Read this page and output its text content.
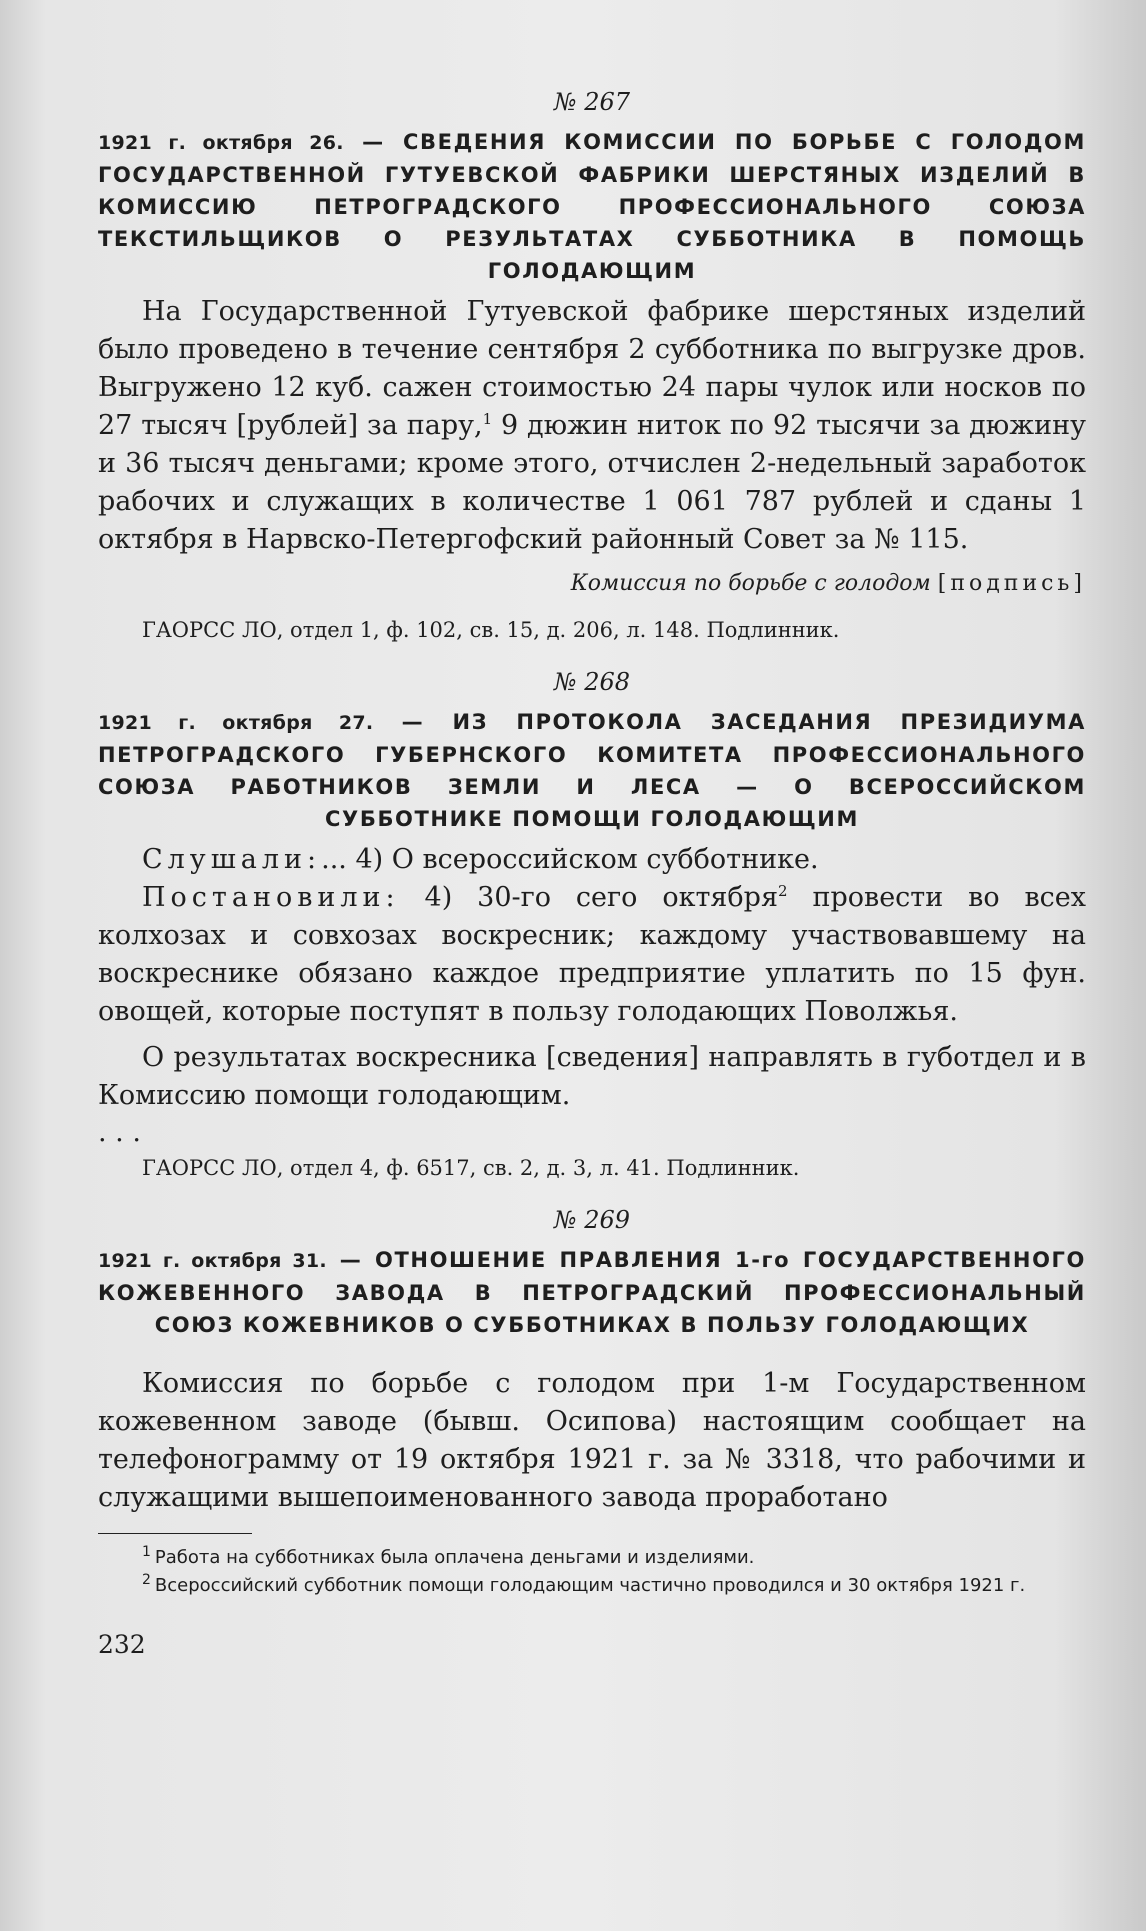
№ 267

1921 г. октября 26. — СВЕДЕНИЯ КОМИССИИ ПО БОРЬБЕ С ГОЛОДОМ ГОСУДАРСТВЕННОЙ ГУТУЕВСКОЙ ФАБРИКИ ШЕРСТЯНЫХ ИЗДЕЛИЙ В КОМИССИЮ ПЕТРОГРАДСКОГО ПРОФЕССИОНАЛЬНОГО СОЮЗА ТЕКСТИЛЬЩИКОВ О РЕЗУЛЬТАТАХ СУББОТНИКА В ПОМОЩЬ ГОЛОДАЮЩИМ

На Государственной Гутуевской фабрике шерстяных изделий было проведено в течение сентября 2 субботника по выгрузке дров. Выгружено 12 куб. сажен стоимостью 24 пары чулок или носков по 27 тысяч [рублей] за пару,$^1$ 9 дюжин ниток по 92 тысячи за дюжину и 36 тысяч деньгами; кроме этого, отчислен 2-недельный заработок рабочих и служащих в количестве 1 061 787 рублей и сданы 1 октября в Нарвско-Петергофский районный Совет за № 115.

Комиссия по борьбе с голодом [подпись]

ГАОРСС ЛО, отдел 1, ф. 102, св. 15, д. 206, л. 148. Подлинник.

№ 268

1921 г. октября 27. — ИЗ ПРОТОКОЛА ЗАСЕДАНИЯ ПРЕЗИДИУМА ПЕТРОГРАДСКОГО ГУБЕРНСКОГО КОМИТЕТА ПРОФЕССИОНАЛЬНОГО СОЮЗА РАБОТНИКОВ ЗЕМЛИ И ЛЕСА — О ВСЕРОССИЙСКОМ СУББОТНИКЕ ПОМОЩИ ГОЛОДАЮЩИМ

Слушали:... 4) О всероссийском субботнике.

Постановили: 4) 30-го сего октября$^2$ провести во всех колхозах и совхозах воскресник; каждому участвовавшему на воскреснике обязано каждое предприятие уплатить по 15 фун. овощей, которые поступят в пользу голодающих Поволжья.

О результатах воскресника [сведения] направлять в губотдел и в Комиссию помощи голодающим.

. . .

ГАОРСС ЛО, отдел 4, ф. 6517, св. 2, д. 3, л. 41. Подлинник.

№ 269

1921 г. октября 31. — ОТНОШЕНИЕ ПРАВЛЕНИЯ 1-го ГОСУДАРСТВЕННОГО КОЖЕВЕННОГО ЗАВОДА В ПЕТРОГРАДСКИЙ ПРОФЕССИОНАЛЬНЫЙ СОЮЗ КОЖЕВНИКОВ О СУББОТНИКАХ В ПОЛЬЗУ ГОЛОДАЮЩИХ

Комиссия по борьбе с голодом при 1-м Государственном кожевенном заводе (бывш. Осипова) настоящим сообщает на телефонограмму от 19 октября 1921 г. за № 3318, что рабочими и служащими вышепоименованного завода проработано

$^1$ Работа на субботниках была оплачена деньгами и изделиями.

$^2$ Всероссийский субботник помощи голодающим частично проводился и 30 октября 1921 г.

232
